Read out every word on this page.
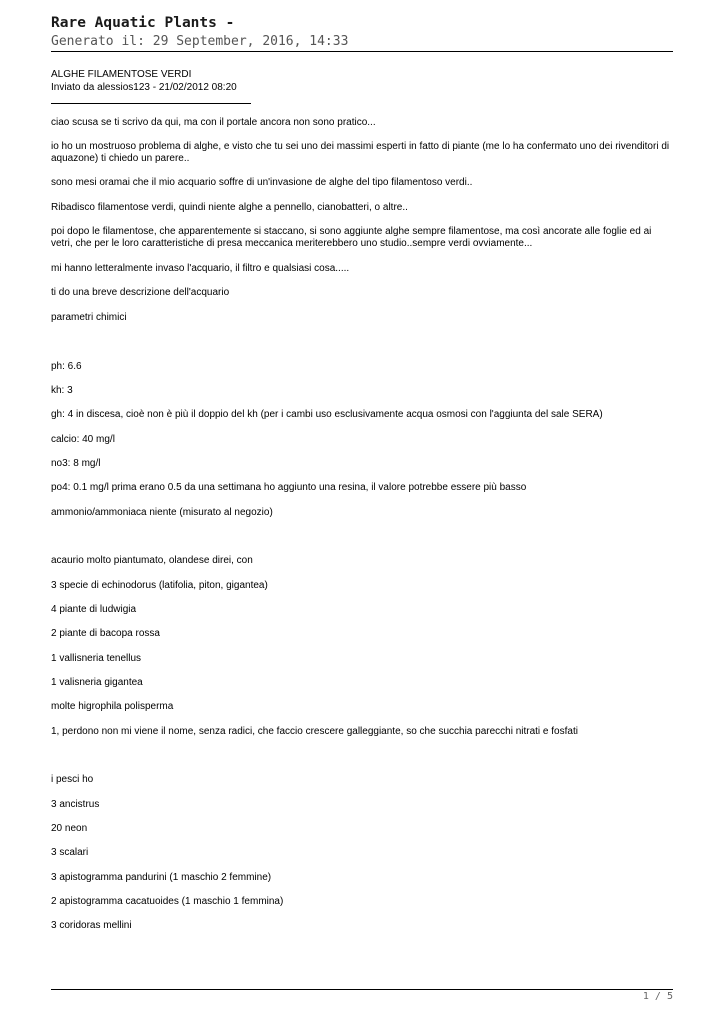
Rare Aquatic Plants -
Generato il: 29 September, 2016, 14:33
ALGHE FILAMENTOSE VERDI
Inviato da alessios123 - 21/02/2012 08:20

ciao scusa se ti scrivo da qui, ma con il portale ancora non sono pratico...

io ho un mostruoso problema di alghe, e visto che tu sei uno dei massimi esperti in fatto di piante (me lo ha confermato uno dei rivenditori di aquazone) ti chiedo un parere..

sono mesi oramai che il mio acquario soffre di un'invasione de alghe del tipo filamentoso verdi..

Ribadisco filamentose verdi, quindi niente alghe a pennello, cianobatteri, o altre..

poi dopo le filamentose, che apparentemente si staccano, si sono aggiunte alghe sempre filamentose, ma così ancorate alle foglie ed ai vetri, che per le loro caratteristiche di presa meccanica meriterebbero uno studio..sempre verdi ovviamente...

mi hanno letteralmente invaso l'acquario, il filtro e qualsiasi cosa.....

ti do una breve descrizione dell'acquario

parametri chimici

ph: 6.6

kh: 3

gh: 4 in discesa, cioè non è più il doppio del kh (per i cambi uso esclusivamente acqua osmosi con l'aggiunta del sale SERA)

calcio: 40 mg/l

no3: 8 mg/l

po4: 0.1 mg/l prima erano 0.5 da una settimana ho aggiunto una resina, il valore potrebbe essere più basso

ammonio/ammoniaca niente (misurato al negozio)

acaurio molto piantumato, olandese direi, con

3 specie di echinodorus (latifolia, piton, gigantea)

4 piante di ludwigia

2 piante di bacopa rossa

1 vallisneria tenellus

1 valisneria gigantea

molte higrophila polisperma

1, perdono non mi viene il nome, senza radici, che faccio crescere galleggiante, so che succhia parecchi nitrati e fosfati

i pesci ho

3 ancistrus

20 neon

3 scalari

3 apistogramma pandurini (1 maschio 2 femmine)

2 apistogramma cacatuoides (1 maschio 1 femmina)

3 coridoras mellini

1 / 5
